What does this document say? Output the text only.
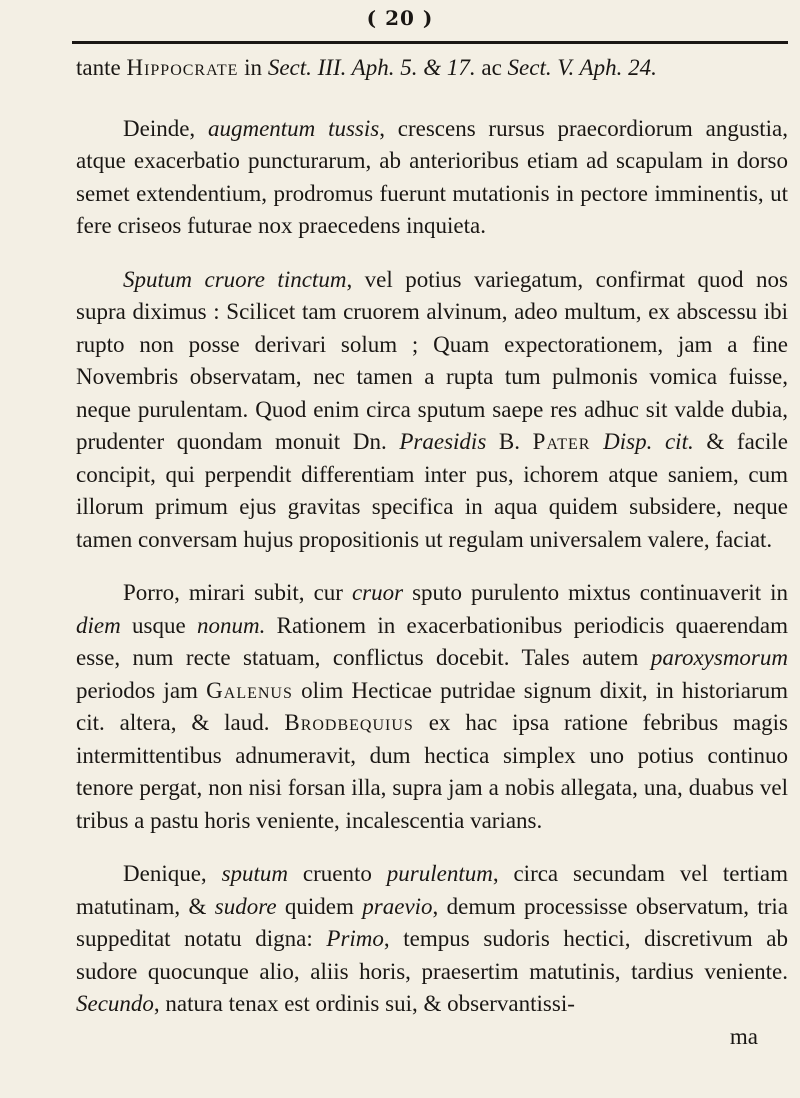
( 20 )

tante Hippocrate in Sect. III. Aph. 5. & 17. ac Sect. V. Aph. 24.

Deinde, augmentum tussis, crescens rursus praecordiorum angustia, atque exacerbatio puncturarum, ab anterioribus etiam ad scapulam in dorso semet extendentium, prodromus fuerunt mutationis in pectore imminentis, ut fere criseos futurae nox praecedens inquieta.

Sputum cruore tinctum, vel potius variegatum, confirmat quod nos supra diximus : Scilicet tam cruorem alvinum, adeo multum, ex abscessu ibi rupto non posse derivari solum ; Quam expectorationem, jam a fine Novembris observatam, nec tamen a rupta tum pulmonis vomica fuisse, neque purulentam. Quod enim circa sputum saepe res adhuc sit valde dubia, prudenter quondam monuit Dn. Praesidis B. Pater Disp. cit. & facile concipit, qui perpendit differentiam inter pus, ichorem atque saniem, cum illorum primum ejus gravitas specifica in aqua quidem subsidere, neque tamen conversam hujus propositionis ut regulam universalem valere, faciat.

Porro, mirari subit, cur cruor sputo purulento mixtus continuaverit in diem usque nonum. Rationem in exacerbationibus periodicis quaerendam esse, num recte statuam, conflictus docebit. Tales autem paroxysmorum periodos jam Galenus olim Hecticae putridae signum dixit, in historiarum cit. altera, & laud. Brodbequius ex hac ipsa ratione febribus magis intermittentibus adnumeravit, dum hectica simplex uno potius continuo tenore pergat, non nisi forsan illa, supra jam a nobis allegata, una, duabus vel tribus a pastu horis veniente, incalescentia varians.

Denique, sputum cruento purulentum, circa secundam vel tertiam matutinam, & sudore quidem praevio, demum processisse observatum, tria suppeditat notatu digna: Primo, tempus sudoris hectici, discretivum ab sudore quocunque alio, aliis horis, praesertim matutinis, tardius veniente. Secundo, natura tenax est ordinis sui, & observantissi-

ma
